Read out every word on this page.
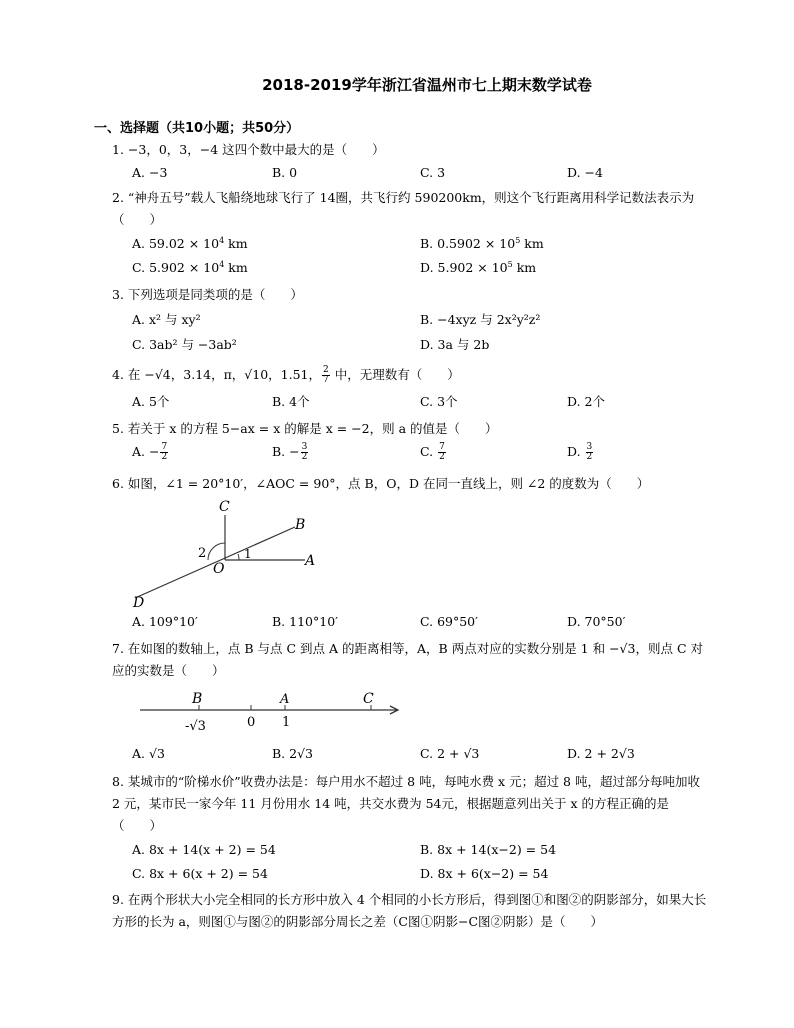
2018-2019学年浙江省温州市七上期末数学试卷
一、选择题（共10小题；共50分）
1. −3，0，3，−4 这四个数中最大的是（　　）
A. −3	B. 0	C. 3	D. −4
2. “神舟五号”载人飞船绕地球飞行了 14圈，共飞行约 590200km，则这个飞行距离用科学记数法表示为（　　）
A. $59.02 \times 10^4$ km	B. $0.5902 \times 10^5$ km
C. $5.902 \times 10^4$ km	D. $5.902 \times 10^5$ km
3. 下列选项是同类项的是（　　）
A. x² 与 xy²	B. −4xyz 与 2x²y²z²
C. 3ab² 与 −3ab²	D. 3a 与 2b
4. 在 −√4，3.14，π，√10，1.51， $\frac{2}{7}$ 中，无理数有（　　）
A. 5个	B. 4个	C. 3个	D. 2个
5. 若关于 x 的方程 5−ax = x 的解是 x = −2，则 a 的值是（　　）
A. − $\frac{7}{2}$	B. − $\frac{3}{2}$	C. $\frac{7}{2}$	D. $\frac{3}{2}$
6. 如图，∠1 = 20°10′，∠AOC = 90°，点 B，O，D 在同一直线上，则 ∠2 的度数为（　　）
C
B
A
O
D
1
2
A. 109°10′	B. 110°10′	C. 69°50′	D. 70°50′
7. 在如图的数轴上，点 B 与点 C 到点 A 的距离相等，A，B 两点对应的实数分别是 1 和 −√3，则点 C 对应的实数是（　　）
B	A	C
-√3	0 1
A. √3	B. 2√3	C. 2 + √3	D. 2 + 2√3
8. 某城市的“阶梯水价”收费办法是：每户用水不超过 8 吨，每吨水费 x 元；超过 8 吨，超过部分每吨加收 2 元，某市民一家今年 11 月份用水 14 吨，共交水费为 54元，根据题意列出关于 x 的方程正确的是（　　）
A. 8x + 14(x + 2) = 54	B. 8x + 14(x−2) = 54
C. 8x + 6(x + 2) = 54	D. 8x + 6(x−2) = 54
9. 在两个形状大小完全相同的长方形中放入 4 个相同的小长方形后，得到图①和图②的阴影部分，如果大长方形的长为 a，则图①与图②的阴影部分周长之差（C图①阴影−C图②阴影）是（　　）
